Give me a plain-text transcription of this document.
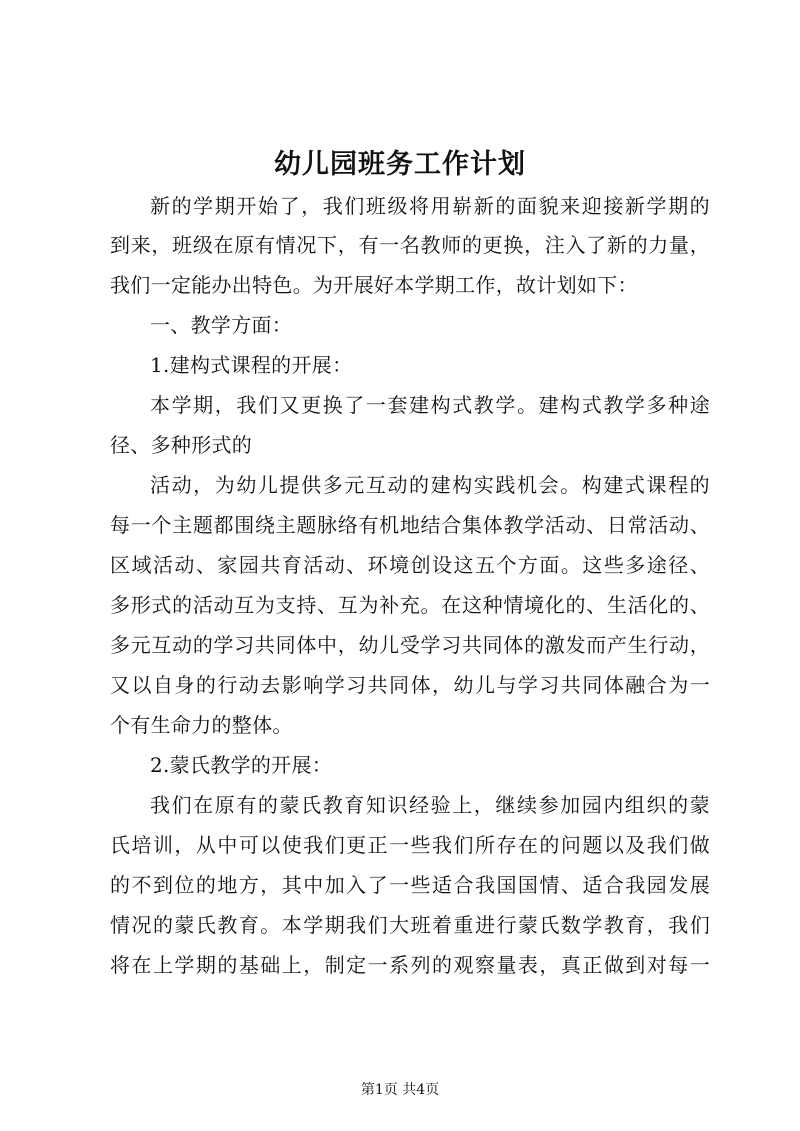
幼儿园班务工作计划
新的学期开始了，我们班级将用崭新的面貌来迎接新学期的
到来，班级在原有情况下，有一名教师的更换，注入了新的力量，
我们一定能办出特色。为开展好本学期工作，故计划如下：
一、教学方面：
1.建构式课程的开展：
本学期，我们又更换了一套建构式教学。建构式教学多种途
径、多种形式的
活动，为幼儿提供多元互动的建构实践机会。构建式课程的
每一个主题都围绕主题脉络有机地结合集体教学活动、日常活动、
区域活动、家园共育活动、环境创设这五个方面。这些多途径、
多形式的活动互为支持、互为补充。在这种情境化的、生活化的、
多元互动的学习共同体中，幼儿受学习共同体的激发而产生行动，
又以自身的行动去影响学习共同体，幼儿与学习共同体融合为一
个有生命力的整体。
2.蒙氏教学的开展：
我们在原有的蒙氏教育知识经验上，继续参加园内组织的蒙
氏培训，从中可以使我们更正一些我们所存在的问题以及我们做
的不到位的地方，其中加入了一些适合我国国情、适合我园发展
情况的蒙氏教育。本学期我们大班着重进行蒙氏数学教育，我们
将在上学期的基础上，制定一系列的观察量表，真正做到对每一
第1页 共4页
